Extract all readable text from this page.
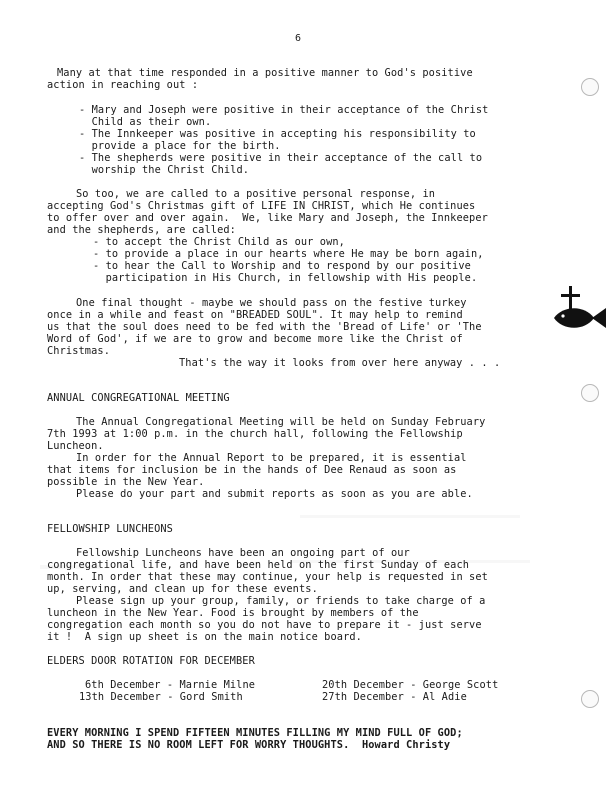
6
Many at that time responded in a positive manner to God's positive
action in reaching out :
- Mary and Joseph were positive in their acceptance of the Christ
Child as their own.
- The Innkeeper was positive in accepting his responsibility to
provide a place for the birth.
- The shepherds were positive in their acceptance of the call to
worship the Christ Child.
So too, we are called to a positive personal response, in
accepting God's Christmas gift of LIFE IN CHRIST, which He continues
to offer over and over again.  We, like Mary and Joseph, the Innkeeper
and the shepherds, are called:
- to accept the Christ Child as our own,
- to provide a place in our hearts where He may be born again,
- to hear the Call to Worship and to respond by our positive
participation in His Church, in fellowship with His people.
One final thought - maybe we should pass on the festive turkey
once in a while and feast on "BREADED SOUL". It may help to remind
us that the soul does need to be fed with the 'Bread of Life' or 'The
Word of God', if we are to grow and become more like the Christ of
Christmas.
That's the way it looks from over here anyway . . .
ANNUAL CONGREGATIONAL MEETING
The Annual Congregational Meeting will be held on Sunday February
7th 1993 at 1:00 p.m. in the church hall, following the Fellowship
Luncheon.
In order for the Annual Report to be prepared, it is essential
that items for inclusion be in the hands of Dee Renaud as soon as
possible in the New Year.
Please do your part and submit reports as soon as you are able.
FELLOWSHIP LUNCHEONS
Fellowship Luncheons have been an ongoing part of our
congregational life, and have been held on the first Sunday of each
month. In order that these may continue, your help is requested in set
up, serving, and clean up for these events.
Please sign up your group, family, or friends to take charge of a
luncheon in the New Year. Food is brought by members of the
congregation each month so you do not have to prepare it - just serve
it !  A sign up sheet is on the main notice board.
ELDERS DOOR ROTATION FOR DECEMBER
6th December - Marnie Milne	20th December - George Scott
13th December - Gord Smith	27th December - Al Adie
EVERY MORNING I SPEND FIFTEEN MINUTES FILLING MY MIND FULL OF GOD;
AND SO THERE IS NO ROOM LEFT FOR WORRY THOUGHTS.  Howard Christy
